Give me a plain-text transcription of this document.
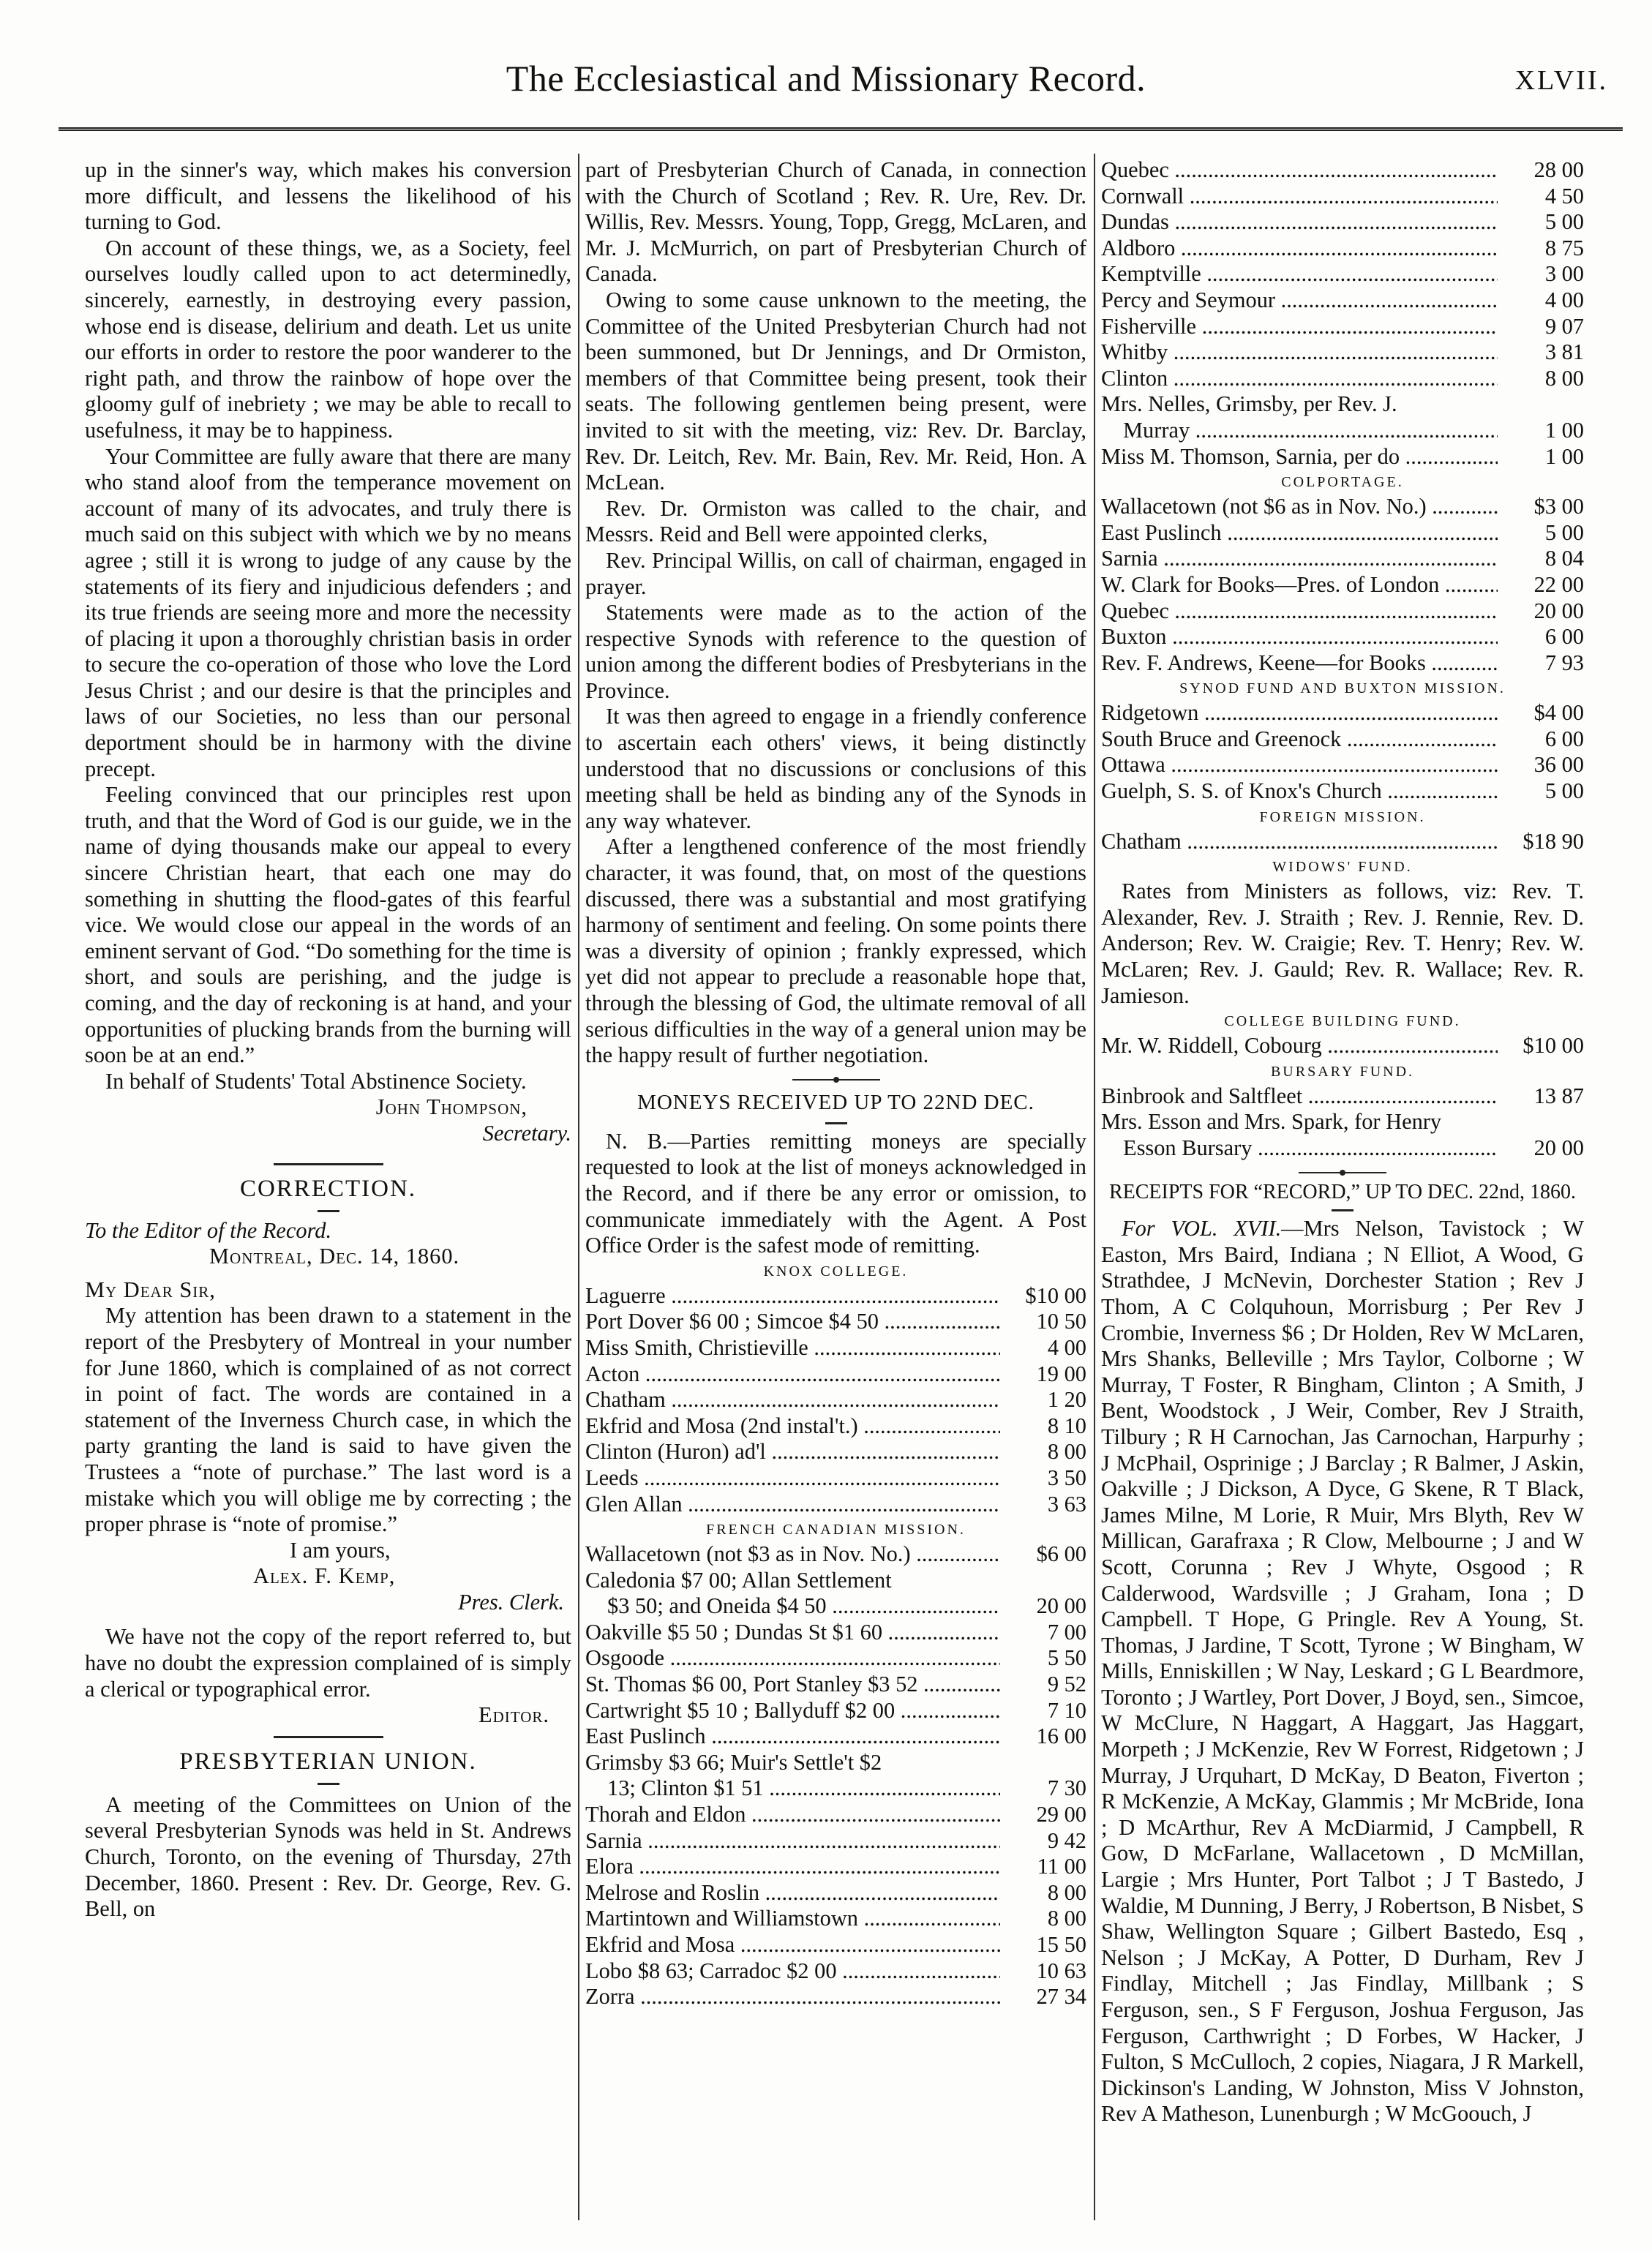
The Ecclesiastical and Missionary Record.	XLVII.

up in the sinner's way, which makes his conversion more difficult, and lessens the likelihood of his turning to God.

On account of these things, we, as a Society, feel ourselves loudly called upon to act determinedly, sincerely, earnestly, in destroying every passion, whose end is disease, delirium and death. Let us unite our efforts in order to restore the poor wanderer to the right path, and throw the rainbow of hope over the gloomy gulf of inebriety ; we may be able to recall to usefulness, it may be to happiness.

Your Committee are fully aware that there are many who stand aloof from the temperance movement on account of many of its advocates, and truly there is much said on this subject with which we by no means agree ; still it is wrong to judge of any cause by the statements of its fiery and injudicious defenders ; and its true friends are seeing more and more the necessity of placing it upon a thoroughly christian basis in order to secure the co-operation of those who love the Lord Jesus Christ ; and our desire is that the principles and laws of our Societies, no less than our personal deportment should be in harmony with the divine precept.

Feeling convinced that our principles rest upon truth, and that the Word of God is our guide, we in the name of dying thousands make our appeal to every sincere Christian heart, that each one may do something in shutting the flood-gates of this fearful vice. We would close our appeal in the words of an eminent servant of God. “Do something for the time is short, and souls are perishing, and the judge is coming, and the day of reckoning is at hand, and your opportunities of plucking brands from the burning will soon be at an end.”

In behalf of Students' Total Abstinence Society.

John Thompson,
Secretary.
CORRECTION.
To the Editor of the Record.
Montreal, Dec. 14, 1860.
My Dear Sir,

My attention has been drawn to a statement in the report of the Presbytery of Montreal in your number for June 1860, which is complained of as not correct in point of fact. The words are contained in a statement of the Inverness Church case, in which the party granting the land is said to have given the Trustees a “note of purchase.” The last word is a mistake which you will oblige me by correcting ; the proper phrase is “note of promise.”

I am yours,
Alex. F. Kemp,
Pres. Clerk.

We have not the copy of the report referred to, but have no doubt the expression complained of is simply a clerical or typographical error.

Editor.
PRESBYTERIAN UNION.

A meeting of the Committees on Union of the several Presbyterian Synods was held in St. Andrews Church, Toronto, on the evening of Thursday, 27th December, 1860. Present : Rev. Dr. George, Rev. G. Bell, on

part of Presbyterian Church of Canada, in connection with the Church of Scotland ; Rev. R. Ure, Rev. Dr. Willis, Rev. Messrs. Young, Topp, Gregg, McLaren, and Mr. J. McMurrich, on part of Presbyterian Church of Canada.

Owing to some cause unknown to the meeting, the Committee of the United Presbyterian Church had not been summoned, but Dr Jennings, and Dr Ormiston, members of that Committee being present, took their seats. The following gentlemen being present, were invited to sit with the meeting, viz: Rev. Dr. Barclay, Rev. Dr. Leitch, Rev. Mr. Bain, Rev. Mr. Reid, Hon. A McLean.

Rev. Dr. Ormiston was called to the chair, and Messrs. Reid and Bell were appointed clerks,

Rev. Principal Willis, on call of chairman, engaged in prayer.

Statements were made as to the action of the respective Synods with reference to the question of union among the different bodies of Presbyterians in the Province.

It was then agreed to engage in a friendly conference to ascertain each others' views, it being distinctly understood that no discussions or conclusions of this meeting shall be held as binding any of the Synods in any way whatever.

After a lengthened conference of the most friendly character, it was found, that, on most of the questions discussed, there was a substantial and most gratifying harmony of sentiment and feeling. On some points there was a diversity of opinion ; frankly expressed, which yet did not appear to preclude a reasonable hope that, through the blessing of God, the ultimate removal of all serious difficulties in the way of a general union may be the happy result of further negotiation.

MONEYS RECEIVED UP TO 22ND DEC.

N. B.—Parties remitting moneys are specially requested to look at the list of moneys acknowledged in the Record, and if there be any error or omission, to communicate immediately with the Agent. A Post Office Order is the safest mode of remitting.

KNOX COLLEGE.
Laguerre .....	$10 00
Port Dover $6 00 ; Simcoe $4 50 .....	10 50
Miss Smith, Christieville .....	4 00
Acton .....	19 00
Chatham .....	1 20
Ekfrid and Mosa (2nd instal't.) .....	8 10
Clinton (Huron) ad'l .....	8 00
Leeds .....	3 50
Glen Allan .....	3 63
FRENCH CANADIAN MISSION.
Wallacetown (not $3 as in Nov. No.) .....	$6 00
Caledonia $7 00; Allan Settlement
$3 50; and Oneida $4 50 .....	20 00
Oakville $5 50 ; Dundas St $1 60 .....	7 00
Osgoode .....	5 50
St. Thomas $6 00, Port Stanley $3 52 .....	9 52
Cartwright $5 10 ; Ballyduff $2 00 .....	7 10
East Puslinch .....	16 00
Grimsby $3 66; Muir's Settle't $2
13; Clinton $1 51 .....	7 30
Thorah and Eldon .....	29 00
Sarnia .....	9 42
Elora .....	11 00
Melrose and Roslin .....	8 00
Martintown and Williamstown .....	8 00
Ekfrid and Mosa .....	15 50
Lobo $8 63; Carradoc $2 00 .....	10 63
Zorra .....	27 34
Quebec .....	28 00
Cornwall .....	4 50
Dundas .....	5 00
Aldboro .....	8 75
Kemptville .....	3 00
Percy and Seymour .....	4 00
Fisherville .....	9 07
Whitby .....	3 81
Clinton .....	8 00
Mrs. Nelles, Grimsby, per Rev. J.
Murray .....	1 00
Miss M. Thomson, Sarnia, per do .....	1 00
COLPORTAGE.
Wallacetown (not $6 as in Nov. No.) .....	$3 00
East Puslinch .....	5 00
Sarnia .....	8 04
W. Clark for Books—Pres. of London .....	22 00
Quebec .....	20 00
Buxton .....	6 00
Rev. F. Andrews, Keene—for Books .....	7 93
SYNOD FUND AND BUXTON MISSION.
Ridgetown .....	$4 00
South Bruce and Greenock .....	6 00
Ottawa .....	36 00
Guelph, S. S. of Knox's Church .....	5 00
FOREIGN MISSION.
Chatham .....	$18 90
WIDOWS' FUND.

Rates from Ministers as follows, viz: Rev. T. Alexander, Rev. J. Straith ; Rev. J. Rennie, Rev. D. Anderson; Rev. W. Craigie; Rev. T. Henry; Rev. W. McLaren; Rev. J. Gauld; Rev. R. Wallace; Rev. R. Jamieson.

COLLEGE BUILDING FUND.
Mr. W. Riddell, Cobourg .....	$10 00
BURSARY FUND.
Binbrook and Saltfleet .....	13 87
Mrs. Esson and Mrs. Spark, for Henry
Esson Bursary .....	20 00
RECEIPTS FOR “RECORD,” UP TO DEC. 22nd, 1860.

For VOL. XVII.—Mrs Nelson, Tavistock ; W Easton, Mrs Baird, Indiana ; N Elliot, A Wood, G Strathdee, J McNevin, Dorchester Station ; Rev J Thom, A C Colquhoun, Morrisburg ; Per Rev J Crombie, Inverness $6 ; Dr Holden, Rev W McLaren, Mrs Shanks, Belleville ; Mrs Taylor, Colborne ; W Murray, T Foster, R Bingham, Clinton ; A Smith, J Bent, Woodstock , J Weir, Comber, Rev J Straith, Tilbury ; R H Carnochan, Jas Carnochan, Harpurhy ; J McPhail, Osprinige ; J Barclay ; R Balmer, J Askin, Oakville ; J Dickson, A Dyce, G Skene, R T Black, James Milne, M Lorie, R Muir, Mrs Blyth, Rev W Millican, Garafraxa ; R Clow, Melbourne ; J and W Scott, Corunna ; Rev J Whyte, Osgood ; R Calderwood, Wardsville ; J Graham, Iona ; D Campbell. T Hope, G Pringle. Rev A Young, St. Thomas, J Jardine, T Scott, Tyrone ; W Bingham, W Mills, Enniskillen ; W Nay, Leskard ; G L Beardmore, Toronto ; J Wartley, Port Dover, J Boyd, sen., Simcoe, W McClure, N Haggart, A Haggart, Jas Haggart, Morpeth ; J McKenzie, Rev W Forrest, Ridgetown ; J Murray, J Urquhart, D McKay, D Beaton, Fiverton ; R McKenzie, A McKay, Glammis ; Mr McBride, Iona ; D McArthur, Rev A McDiarmid, J Campbell, R Gow, D McFarlane, Wallacetown , D McMillan, Largie ; Mrs Hunter, Port Talbot ; J T Bastedo, J Waldie, M Dunning, J Berry, J Robertson, B Nisbet, S Shaw, Wellington Square ; Gilbert Bastedo, Esq , Nelson ; J McKay, A Potter, D Durham, Rev J Findlay, Mitchell ; Jas Findlay, Millbank ; S Ferguson, sen., S F Ferguson, Joshua Ferguson, Jas Ferguson, Carthwright ; D Forbes, W Hacker, J Fulton, S McCulloch, 2 copies, Niagara, J R Markell, Dickinson's Landing, W Johnston, Miss V Johnston, Rev A Matheson, Lunenburgh ; W McGoouch, J
